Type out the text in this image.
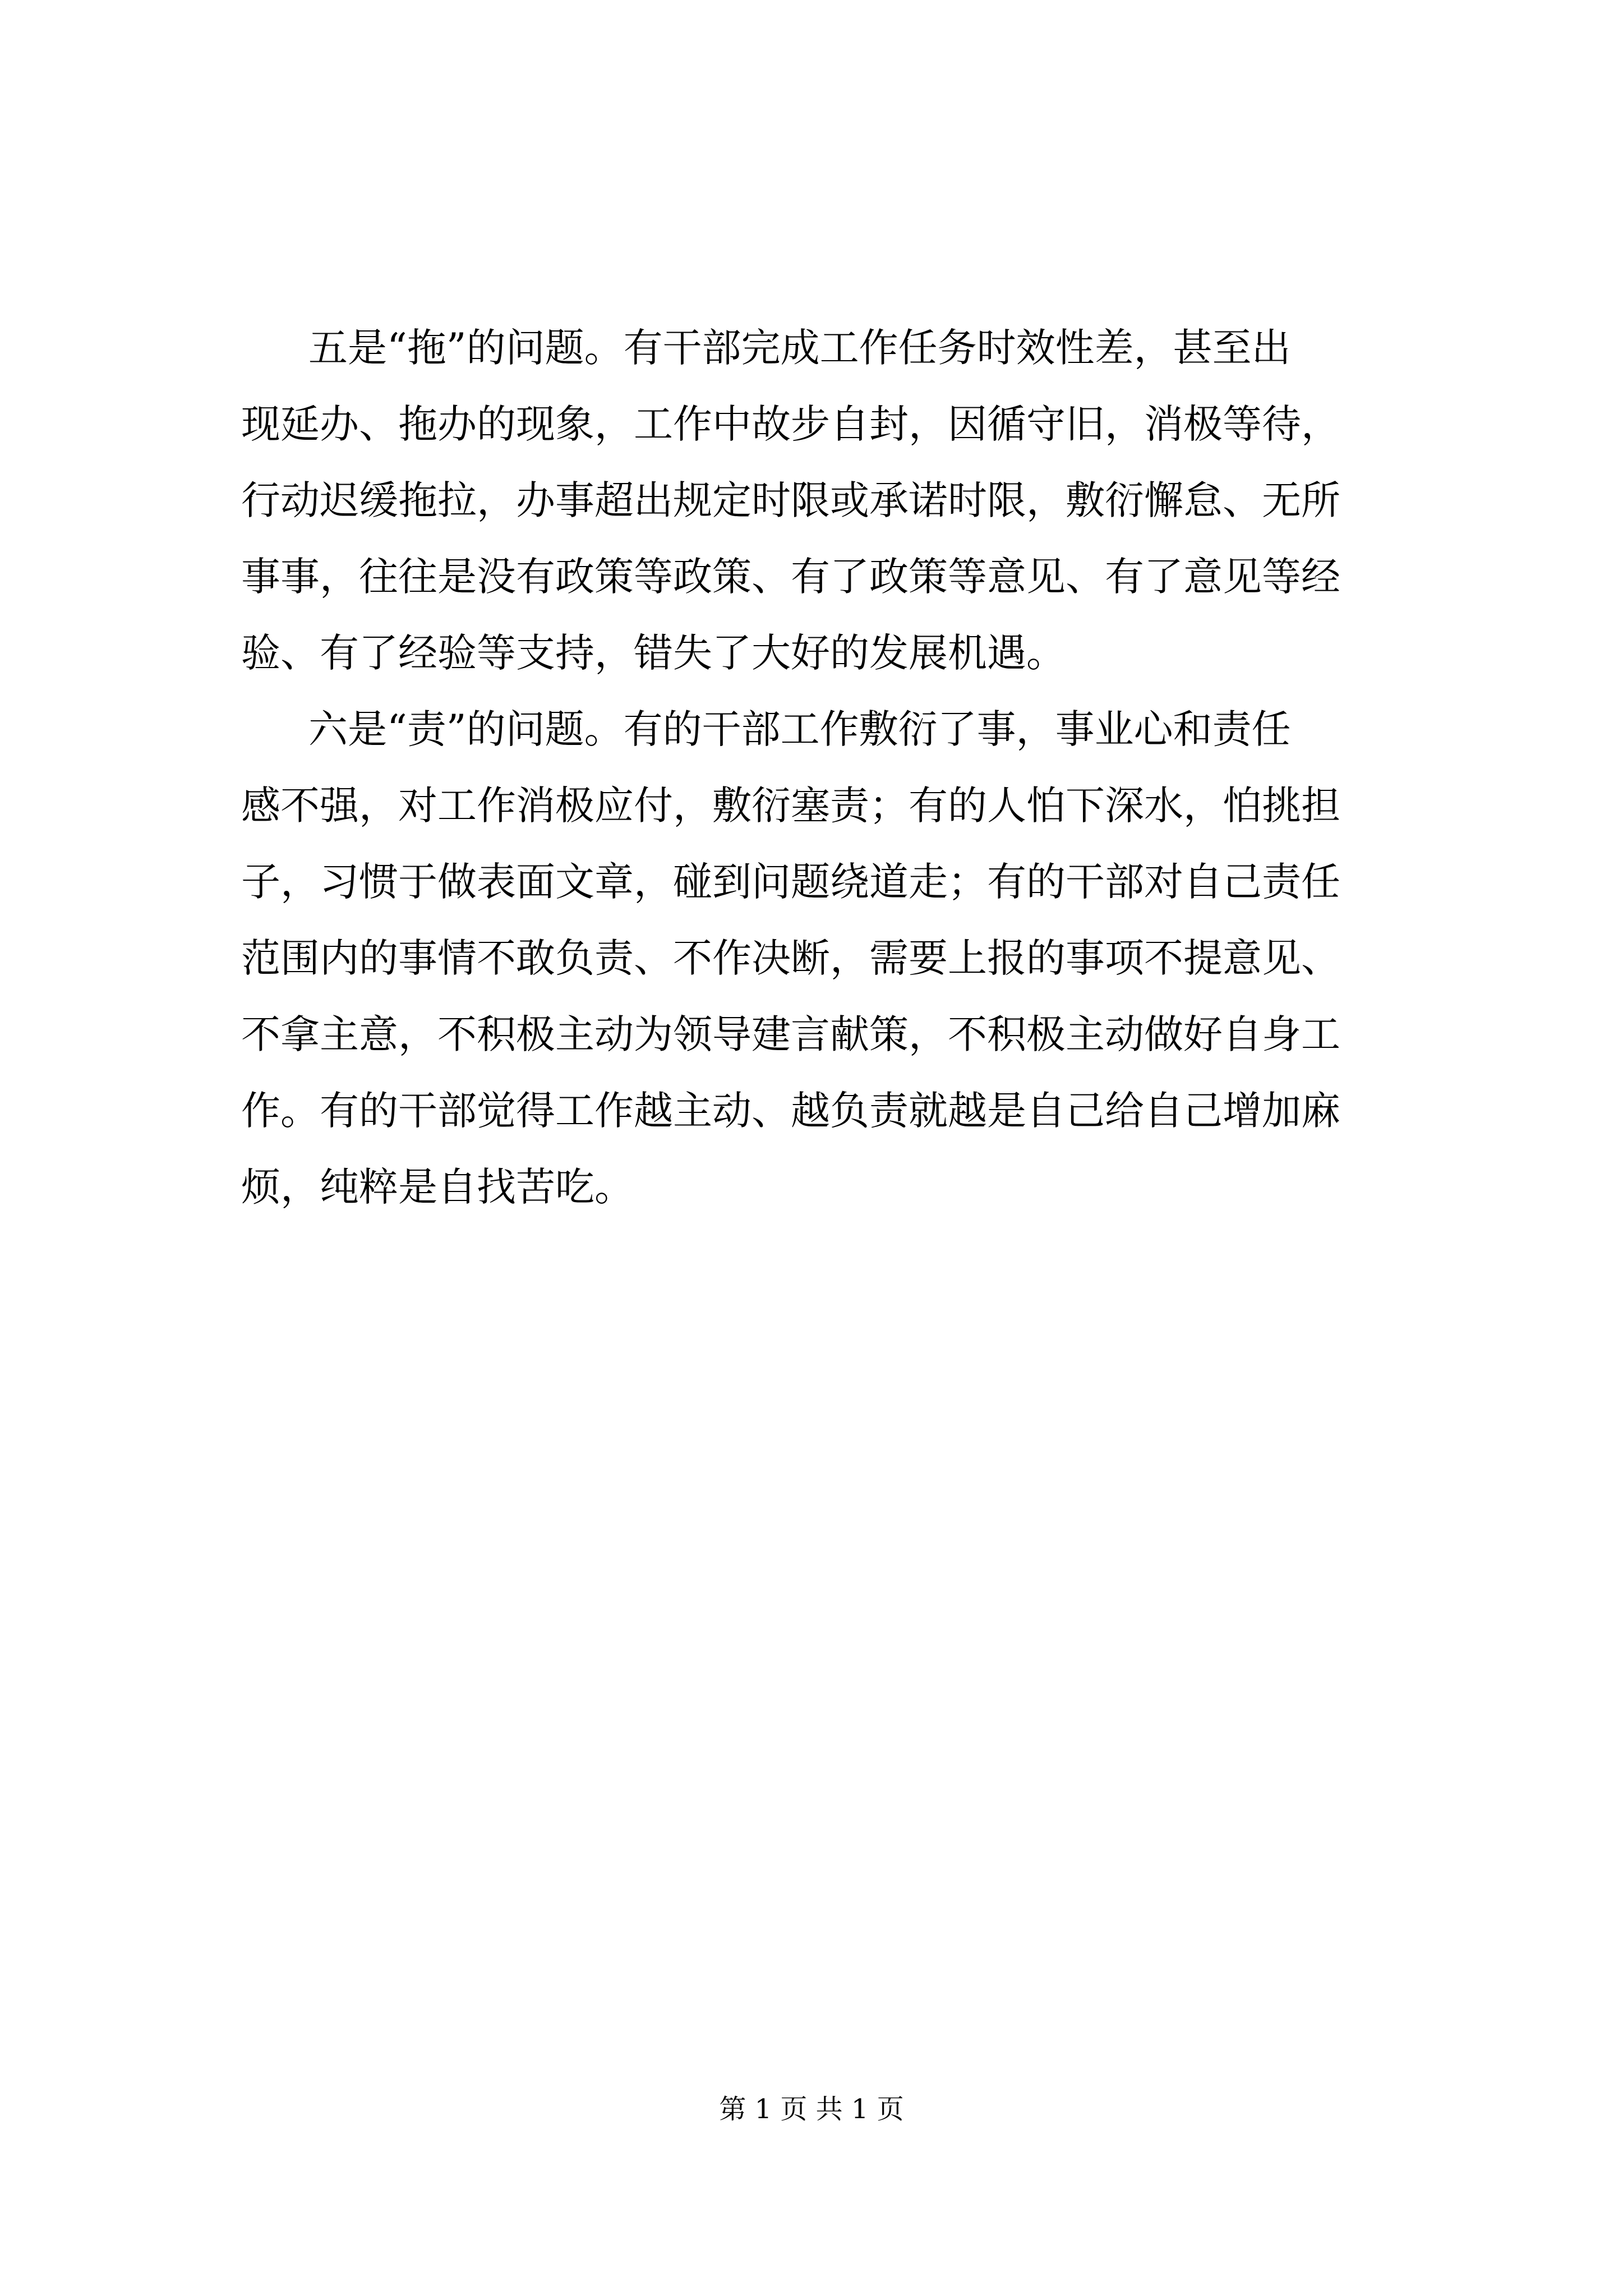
五是“拖”的问题。有干部完成工作任务时效性差，甚至出
现延办、拖办的现象，工作中故步自封，因循守旧，消极等待，
行动迟缓拖拉，办事超出规定时限或承诺时限，敷衍懈怠、无所
事事，往往是没有政策等政策、有了政策等意见、有了意见等经
验、有了经验等支持，错失了大好的发展机遇。
六是“责”的问题。有的干部工作敷衍了事，事业心和责任
感不强，对工作消极应付，敷衍塞责；有的人怕下深水，怕挑担
子，习惯于做表面文章，碰到问题绕道走；有的干部对自己责任
范围内的事情不敢负责、不作决断，需要上报的事项不提意见、
不拿主意，不积极主动为领导建言献策，不积极主动做好自身工
作。有的干部觉得工作越主动、越负责就越是自己给自己增加麻
烦，纯粹是自找苦吃。
第 1 页 共 1 页
